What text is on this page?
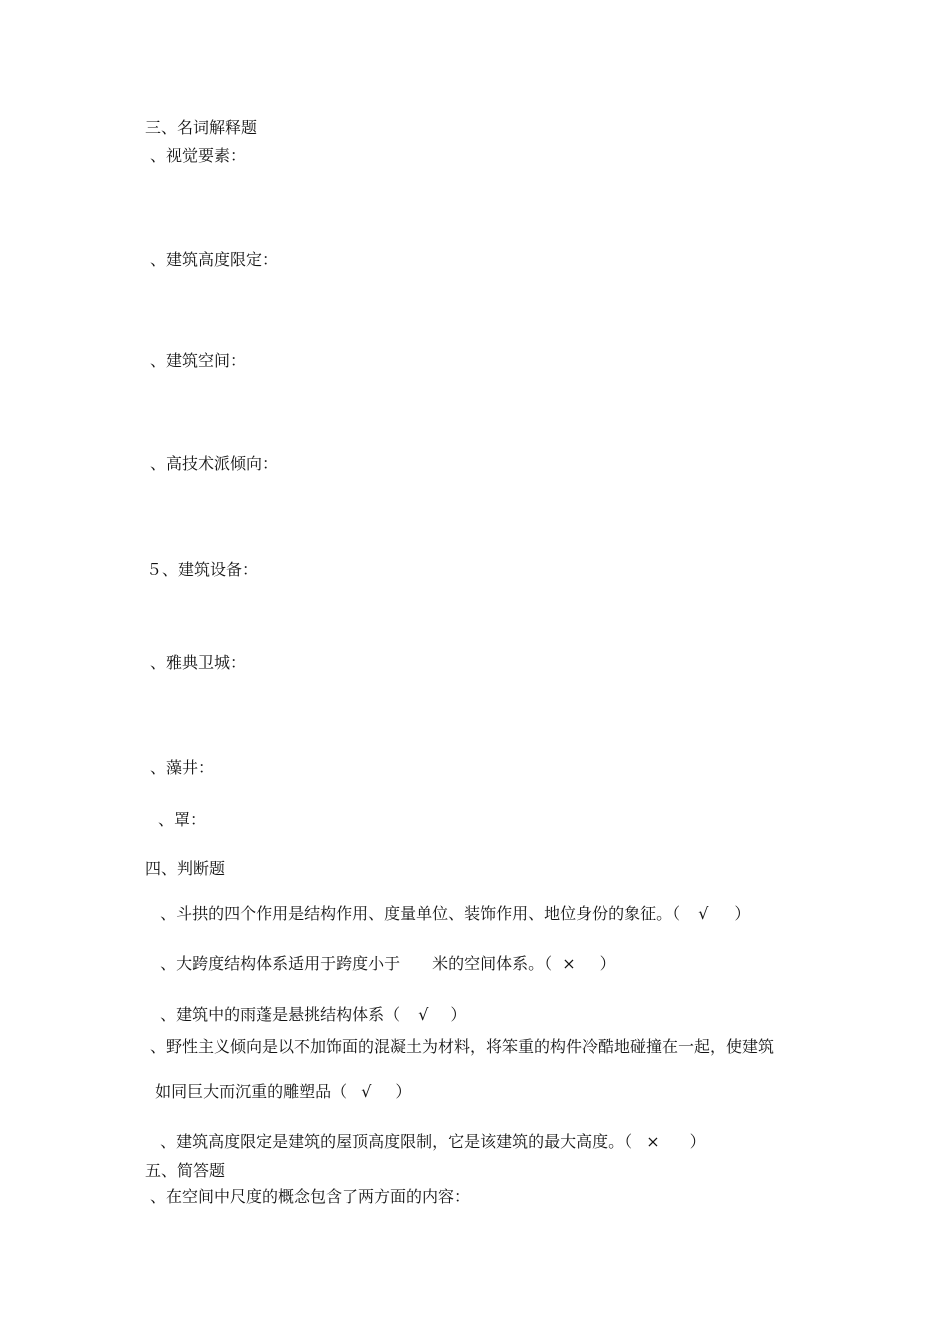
三、名词解释题
、视觉要素：
、建筑高度限定：
、建筑空间：
、高技术派倾向：
５、建筑设备：
、雅典卫城：
、藻井：
、罩：
四、判断题

、斗拱的四个作用是结构作用、度量单位、装饰作用、地位身份的象征。（ √ ）

、大跨度结构体系适用于跨度小于　　米的空间体系。（ × ）

、建筑中的雨蓬是悬挑结构体系（ √ ）

、野性主义倾向是以不加饰面的混凝土为材料，将笨重的构件冷酷地碰撞在一起，使建筑

如同巨大而沉重的雕塑品（ √ ）

、建筑高度限定是建筑的屋顶高度限制，它是该建筑的最大高度。（ × ）

五、简答题
、在空间中尺度的概念包含了两方面的内容：
